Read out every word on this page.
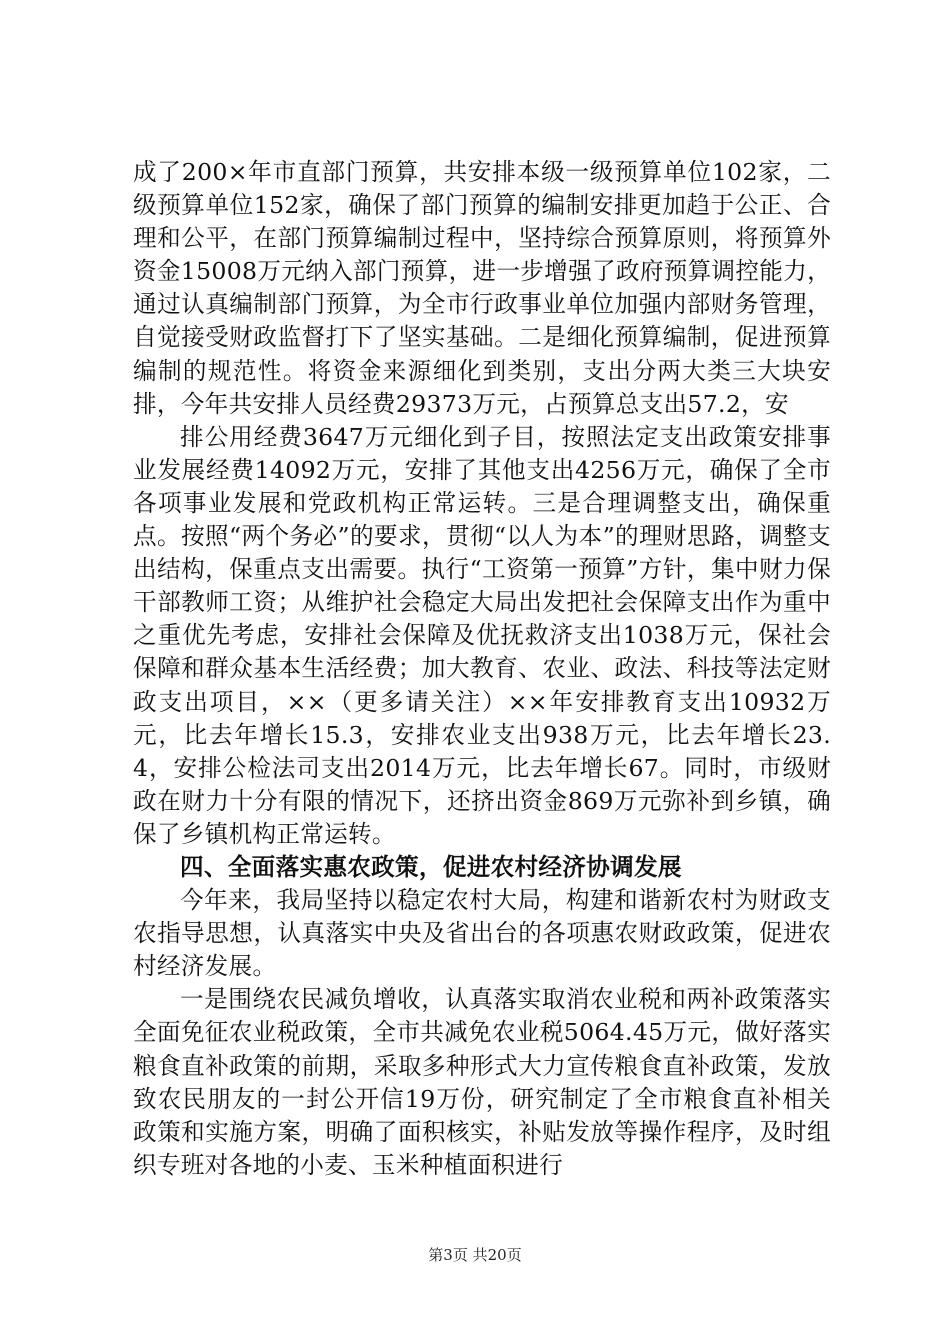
成了200×年市直部门预算，共安排本级一级预算单位102家，二级预算单位152家，确保了部门预算的编制安排更加趋于公正、合理和公平，在部门预算编制过程中，坚持综合预算原则，将预算外资金15008万元纳入部门预算，进一步增强了政府预算调控能力，通过认真编制部门预算，为全市行政事业单位加强内部财务管理，自觉接受财政监督打下了坚实基础。二是细化预算编制，促进预算编制的规范性。将资金来源细化到类别，支出分两大类三大块安排，今年共安排人员经费29373万元，占预算总支出57.2，安

排公用经费3647万元细化到子目，按照法定支出政策安排事业发展经费14092万元，安排了其他支出4256万元，确保了全市各项事业发展和党政机构正常运转。三是合理调整支出，确保重点。按照“两个务必”的要求，贯彻“以人为本”的理财思路，调整支出结构，保重点支出需要。执行“工资第一预算”方针，集中财力保干部教师工资；从维护社会稳定大局出发把社会保障支出作为重中之重优先考虑，安排社会保障及优抚救济支出1038万元，保社会保障和群众基本生活经费；加大教育、农业、政法、科技等法定财政支出项目，××（更多请关注）××年安排教育支出10932万元，比去年增长15.3，安排农业支出938万元，比去年增长23.4，安排公检法司支出2014万元，比去年增长67。同时，市级财政在财力十分有限的情况下，还挤出资金869万元弥补到乡镇，确保了乡镇机构正常运转。

四、全面落实惠农政策，促进农村经济协调发展

今年来，我局坚持以稳定农村大局，构建和谐新农村为财政支农指导思想，认真落实中央及省出台的各项惠农财政政策，促进农村经济发展。

一是围绕农民减负增收，认真落实取消农业税和两补政策落实全面免征农业税政策，全市共减免农业税5064.45万元，做好落实粮食直补政策的前期，采取多种形式大力宣传粮食直补政策，发放致农民朋友的一封公开信19万份，研究制定了全市粮食直补相关政策和实施方案，明确了面积核实，补贴发放等操作程序，及时组织专班对各地的小麦、玉米种植面积进行

第3页 共20页
